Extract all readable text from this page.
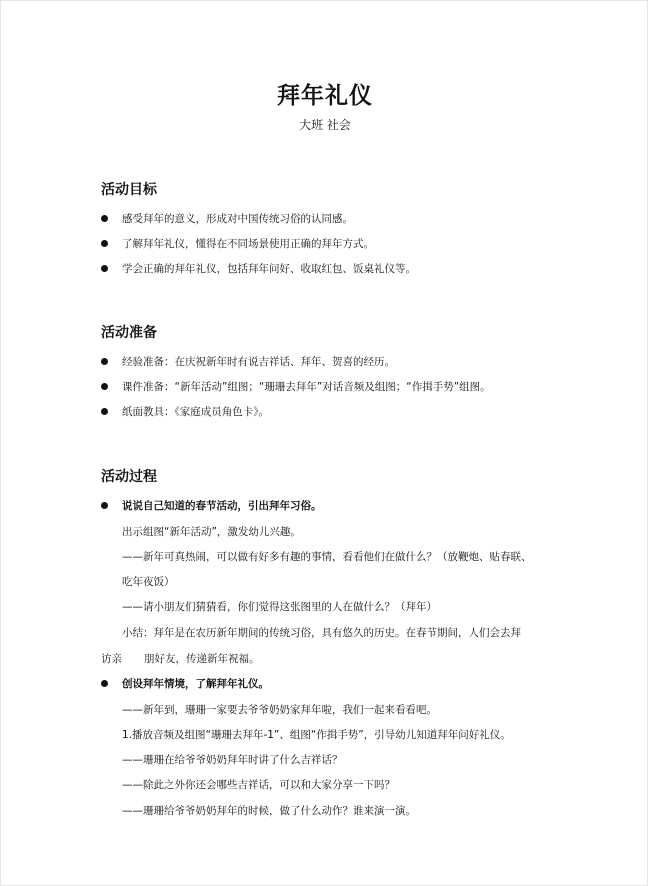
拜年礼仪
大班 社会
活动目标
感受拜年的意义，形成对中国传统习俗的认同感。
了解拜年礼仪，懂得在不同场景使用正确的拜年方式。
学会正确的拜年礼仪，包括拜年问好、收取红包、饭桌礼仪等。
活动准备
经验准备：在庆祝新年时有说吉祥话、拜年、贺喜的经历。
课件准备：“新年活动”组图；“珊珊去拜年”对话音频及组图；“作揖手势”组图。
纸面教具：《家庭成员角色卡》。
活动过程
说说自己知道的春节活动，引出拜年习俗。
出示组图“新年活动”，激发幼儿兴趣。
——新年可真热闹，可以做有好多有趣的事情，看看他们在做什么？（放鞭炮、贴春联、
吃年夜饭）
——请小朋友们猜猜看，你们觉得这张图里的人在做什么？（拜年）
小结：拜年是在农历新年期间的传统习俗，具有悠久的历史。在春节期间，人们会去拜
访亲 朋好友，传递新年祝福。
创设拜年情境，了解拜年礼仪。
——新年到，珊珊一家要去爷爷奶奶家拜年啦，我们一起来看看吧。
1.播放音频及组图“珊珊去拜年-1”、组图“作揖手势”，引导幼儿知道拜年问好礼仪。
——珊珊在给爷爷奶奶拜年时讲了什么吉祥话？
——除此之外你还会哪些吉祥话，可以和大家分享一下吗？
——珊珊给爷爷奶奶拜年的时候，做了什么动作？谁来演一演。
